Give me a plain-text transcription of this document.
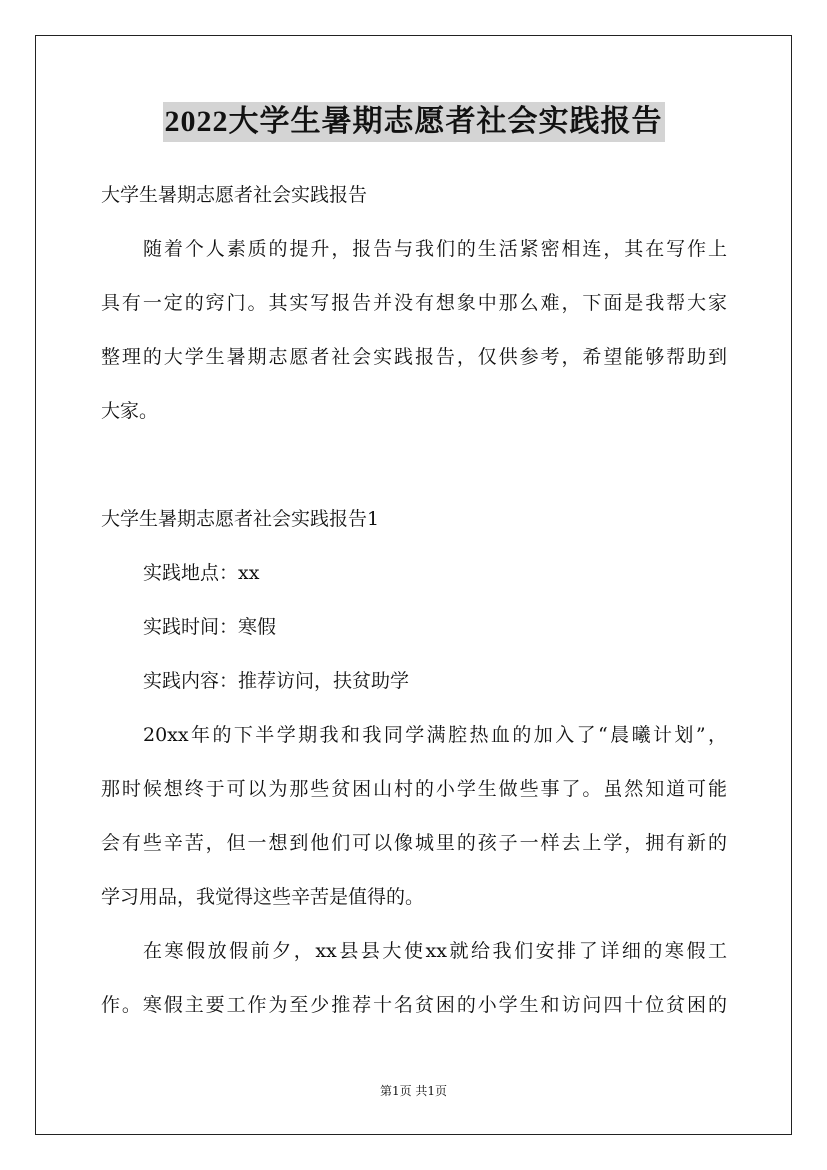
2022大学生暑期志愿者社会实践报告
大学生暑期志愿者社会实践报告
随着个人素质的提升，报告与我们的生活紧密相连，其在写作上
具有一定的窍门。其实写报告并没有想象中那么难，下面是我帮大家
整理的大学生暑期志愿者社会实践报告，仅供参考，希望能够帮助到
大家。
大学生暑期志愿者社会实践报告1
实践地点：xx
实践时间：寒假
实践内容：推荐访问，扶贫助学
20xx年的下半学期我和我同学满腔热血的加入了“晨曦计划”，
那时候想终于可以为那些贫困山村的小学生做些事了。虽然知道可能
会有些辛苦，但一想到他们可以像城里的孩子一样去上学，拥有新的
学习用品，我觉得这些辛苦是值得的。
在寒假放假前夕，xx县县大使xx就给我们安排了详细的寒假工
作。寒假主要工作为至少推荐十名贫困的小学生和访问四十位贫困的
第1页 共1页
